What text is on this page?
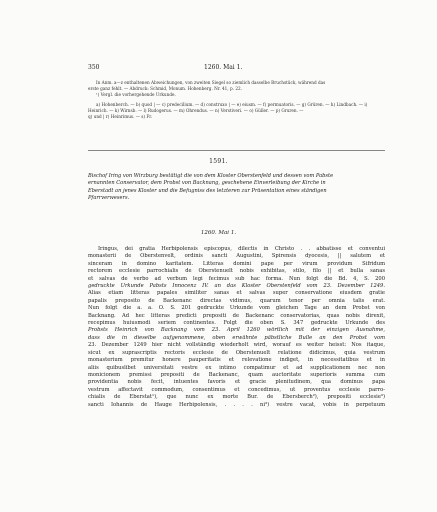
350	1260. Mai 1.

In Anm. a—z enthaltenen Abweichungen, von zweiten Siegel so ziemlich dasselbe Bruchstück, während das

erste ganz fehlt. — Abdruck: Schmid, Monum. Hohenberg. Nr. 41, p. 22.

¹) Vergl. die vorhergehende Urkunde.

a) Hohenberch. — b) quod | — c) predecilium. — d) construxo | — e) eiusm. — f) permuatoris. — g) Grüren. — h) Lindbach. — i) Heinrich. — k) Wirnsb. — l) Rudogerus. — m) Ohrendus. — n) Verstiveri. — o) Güller. — p) Gruren. —

q) und | r) Heinrimus. — s) Fr.

1591.
Bischof Iring von Wirzburg bestätigt die von dem Kloster Oberstenfeld und dessen vom Pabste
ernannten Conservator, dem Probst von Backnang, geschehene Einverleibung der Kirche in
Eberstadt an jenes Kloster und die Befugniss des letzteren zur Präsentation eines ständigen
Pfarrverwesers.
1260. Mai 1.
Iringus, dei gratia Herbipolensis episcopus, dilectis in Christo . . abbatisse et conventui
monasterii de Oberstenvelt, ordinis sancti Augustini, Spirensis dyocesis, || salutem et
sinceram in domino karitatem. Litteras domini pape per virum providum Sifridum
rectorem ecclesie parrochialis de Oberstenuelt nobis exhibitas, stilo, filo || et bulla sanas
et salvas de verbo ad verbum legi fecimus sub hac forma. Nun folgt die Bd. 4, S. 200
gedruckte Urkunde Pabsts Innocenz IV. an das Kloster Oberstenfeld vom 23. Dezember 1249.
Alias etiam litteras papales similiter sanas et salvas super conservatione eiusdem gratie
papalis preposito de Backenanc directas vidimus, quarum tenor per omnia talis erat.
Nun folgt die a. a. O. S. 201 gedruckte Urkunde vom gleichen Tage an dem Probst von
Backnang. Ad hec litteras predicti prepositi de Backenanc conservatorias, quas nobis direxit,
recepimus huiusmodi seriem continentes. Folgt die oben S. 347 gedruckte Urkunde des
Probsts Heinrich von Backnang vom 23. April 1260 wörtlich mit der einzigen Ausnahme,
dass die in dieselbe aufgenommene, oben erwähnte päbstliche Bulle an den Probst vom
23. Dezember 1249 hier nicht vollständig wiederholt wird, worauf es weiter heisst: Nos itaque,
sicut ex suprascriptis rectoris ecclesie de Oberstenuelt relatione didicimus, quia vestrum
monasterium premitur honere pauperitatis et relevatione indiget, in necessitatibus et in
aliis quibuslibet universitati vestre ex intimo compatimur et ad supplicationem nec non
monicionem premissi prepositi de Backenanc, quam auctoritate superioris summa cum
providentia nobis fecit, intuentes favoris et gracie plenitudinem, qua dominus papa
vestrum affectavit commodum, consentimus et concedimus, ut proventus ecclesie parro-
chialis de Eberstat¹), que nunc ex morte Bur. de Ebersberch²), prepositi ecclesie³)
sancti Iohannis de Hauge Herbipolensis, . . . . ni³) vestre vacat, vobis in perpetuum
